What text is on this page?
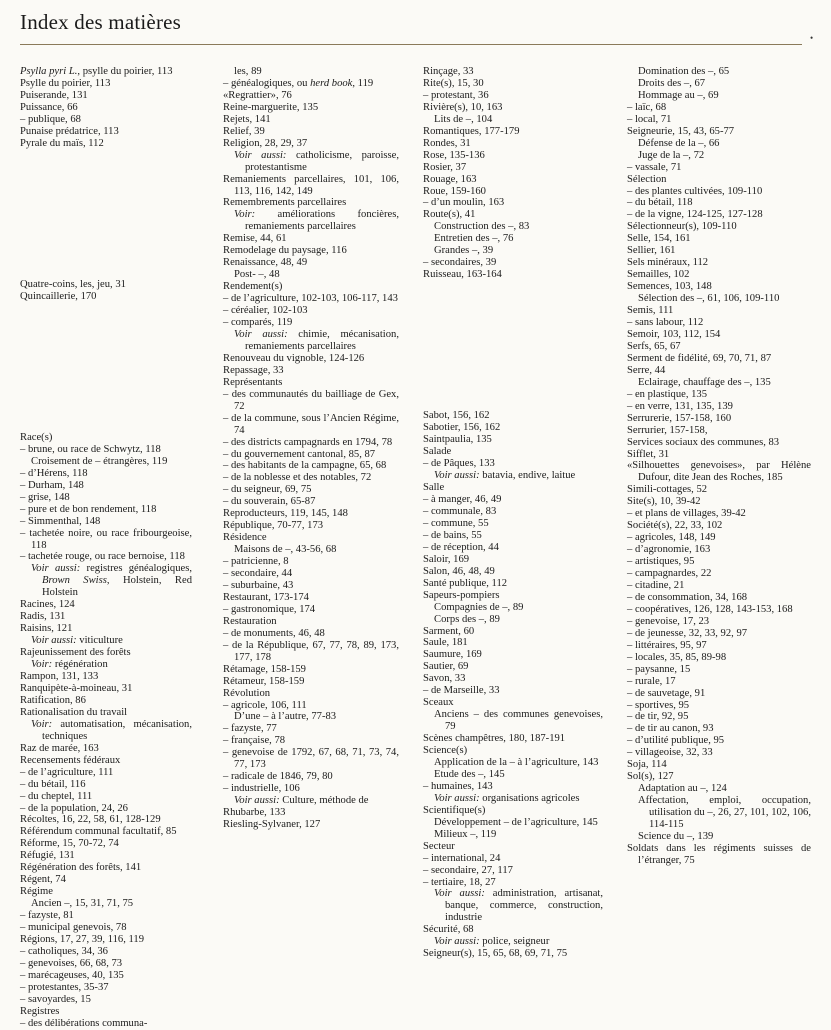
Index des matières
•

Psylla pyri L., psylle du poirier, 113

Psylle du poirier, 113

Puiserande, 131

Puissance, 66

– publique, 68

Punaise prédatrice, 113

Pyrale du maïs, 112

Quatre-coins, les, jeu, 31

Quincaillerie, 170

Race(s)

– brune, ou race de Schwytz, 118

Croisement de – étrangères, 119

– d’Hérens, 118

– Durham, 148

– grise, 148

– pure et de bon rendement, 118

– Simmenthal, 148

– tachetée noire, ou race fribourgeoise, 118

– tachetée rouge, ou race bernoise, 118

Voir aussi: registres généalogiques, Brown Swiss, Holstein, Red Holstein

Racines, 124

Radis, 131

Raisins, 121

Voir aussi: viticulture

Rajeunissement des forêts

Voir: régénération

Rampon, 131, 133

Ranquipète-à-moineau, 31

Ratification, 86

Rationalisation du travail

Voir: automatisation, mécanisation, techniques

Raz de marée, 163

Recensements fédéraux

– de l’agriculture, 111

– du bétail, 116

– du cheptel, 111

– de la population, 24, 26

Récoltes, 16, 22, 58, 61, 128-129

Référendum communal facultatif, 85

Réforme, 15, 70-72, 74

Réfugié, 131

Régénération des forêts, 141

Régent, 74

Régime

Ancien –, 15, 31, 71, 75

– fazyste, 81

– municipal genevois, 78

Régions, 17, 27, 39, 116, 119

– catholiques, 34, 36

– genevoises, 66, 68, 73

– marécageuses, 40, 135

– protestantes, 35-37

– savoyardes, 15

Registres

– des délibérations communa-

les, 89

– généalogiques, ou herd book, 119

«Regrattier», 76

Reine-marguerite, 135

Rejets, 141

Relief, 39

Religion, 28, 29, 37

Voir aussi: catholicisme, paroisse, protestantisme

Remaniements parcellaires, 101, 106, 113, 116, 142, 149

Remembrements parcellaires

Voir: améliorations foncières, remaniements parcellaires

Remise, 44, 61

Remodelage du paysage, 116

Renaissance, 48, 49

Post- –, 48

Rendement(s)

– de l’agriculture, 102-103, 106-117, 143

– céréalier, 102-103

– comparés, 119

Voir aussi: chimie, mécanisation, remaniements parcellaires

Renouveau du vignoble, 124-126

Repassage, 33

Représentants

– des communautés du bailliage de Gex, 72

– de la commune, sous l’Ancien Régime, 74

– des districts campagnards en 1794, 78

– du gouvernement cantonal, 85, 87

– des habitants de la campagne, 65, 68

– de la noblesse et des notables, 72

– du seigneur, 69, 75

– du souverain, 65-87

Reproducteurs, 119, 145, 148

République, 70-77, 173

Résidence

Maisons de –, 43-56, 68

– patricienne, 8

– secondaire, 44

– suburbaine, 43

Restaurant, 173-174

– gastronomique, 174

Restauration

– de monuments, 46, 48

– de la République, 67, 77, 78, 89, 173, 177, 178

Rétamage, 158-159

Rétameur, 158-159

Révolution

– agricole, 106, 111

D’une – à l’autre, 77-83

– fazyste, 77

– française, 78

– genevoise de 1792, 67, 68, 71, 73, 74, 77, 173

– radicale de 1846, 79, 80

– industrielle, 106

Voir aussi: Culture, méthode de

Rhubarbe, 133

Riesling-Sylvaner, 127

Rinçage, 33

Rite(s), 15, 30

– protestant, 36

Rivière(s), 10, 163

Lits de –, 104

Romantiques, 177-179

Rondes, 31

Rose, 135-136

Rosier, 37

Rouage, 163

Roue, 159-160

– d’un moulin, 163

Route(s), 41

Construction des –, 83

Entretien des –, 76

Grandes –, 39

– secondaires, 39

Ruisseau, 163-164

Sabot, 156, 162

Sabotier, 156, 162

Saintpaulia, 135

Salade

– de Pâques, 133

Voir aussi: batavia, endive, laitue

Salle

– à manger, 46, 49

– communale, 83

– commune, 55

– de bains, 55

– de réception, 44

Saloir, 169

Salon, 46, 48, 49

Santé publique, 112

Sapeurs-pompiers

Compagnies de –, 89

Corps des –, 89

Sarment, 60

Saule, 181

Saumure, 169

Sautier, 69

Savon, 33

– de Marseille, 33

Sceaux

Anciens – des communes genevoises, 79

Scènes champêtres, 180, 187-191

Science(s)

Application de la – à l’agriculture, 143

Etude des –, 145

– humaines, 143

Voir aussi: organisations agricoles

Scientifique(s)

Développement – de l’agriculture, 145

Milieux –, 119

Secteur

– international, 24

– secondaire, 27, 117

– tertiaire, 18, 27

Voir aussi: administration, artisanat, banque, commerce, construction, industrie

Sécurité, 68

Voir aussi: police, seigneur

Seigneur(s), 15, 65, 68, 69, 71, 75

Domination des –, 65

Droits des –, 67

Hommage au –, 69

– laïc, 68

– local, 71

Seigneurie, 15, 43, 65-77

Défense de la –, 66

Juge de la –, 72

– vassale, 71

Sélection

– des plantes cultivées, 109-110

– du bétail, 118

– de la vigne, 124-125, 127-128

Sélectionneur(s), 109-110

Selle, 154, 161

Sellier, 161

Sels minéraux, 112

Semailles, 102

Semences, 103, 148

Sélection des –, 61, 106, 109-110

Semis, 111

– sans labour, 112

Semoir, 103, 112, 154

Serfs, 65, 67

Serment de fidélité, 69, 70, 71, 87

Serre, 44

Eclairage, chauffage des –, 135

– en plastique, 135

– en verre, 131, 135, 139

Serrurerie, 157-158, 160

Serrurier, 157-158,

Services sociaux des communes, 83

Sifflet, 31

«Silhouettes genevoises», par Hélène Dufour, dite Jean des Roches, 185

Simili-cottages, 52

Site(s), 10, 39-42

– et plans de villages, 39-42

Société(s), 22, 33, 102

– agricoles, 148, 149

– d’agronomie, 163

– artistiques, 95

– campagnardes, 22

– citadine, 21

– de consommation, 34, 168

– coopératives, 126, 128, 143-153, 168

– genevoise, 17, 23

– de jeunesse, 32, 33, 92, 97

– littéraires, 95, 97

– locales, 35, 85, 89-98

– paysanne, 15

– rurale, 17

– de sauvetage, 91

– sportives, 95

– de tir, 92, 95

– de tir au canon, 93

– d’utilité publique, 95

– villageoise, 32, 33

Soja, 114

Sol(s), 127

Adaptation au –, 124

Affectation, emploi, occupation, utilisation du –, 26, 27, 101, 102, 106, 114-115

Science du –, 139

Soldats dans les régiments suisses de l’étranger, 75
